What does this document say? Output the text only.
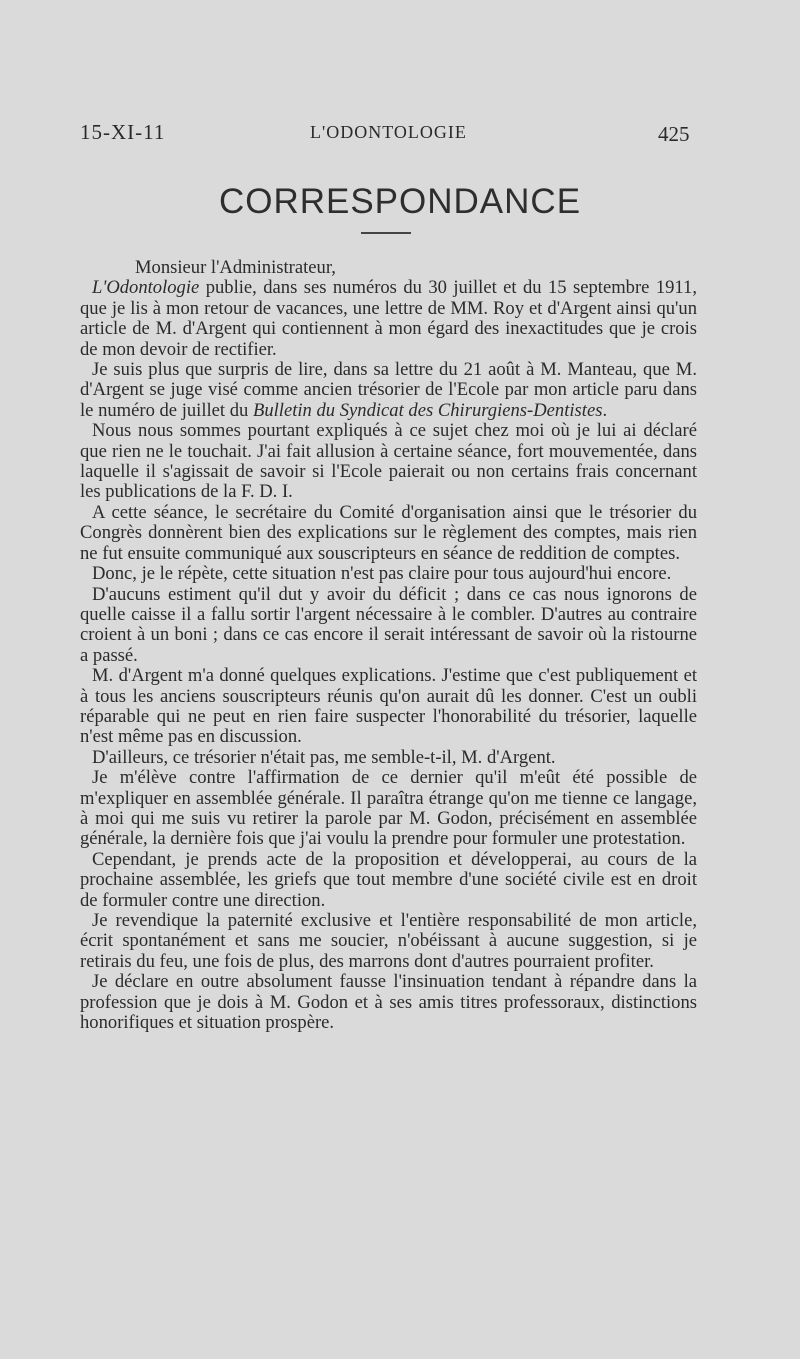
15-XI-11	L'ODONTOLOGIE	425
CORRESPONDANCE

Monsieur l'Administrateur,

L'Odontologie publie, dans ses numéros du 30 juillet et du 15 septembre 1911, que je lis à mon retour de vacances, une lettre de MM. Roy et d'Argent ainsi qu'un article de M. d'Argent qui contiennent à mon égard des inexactitudes que je crois de mon devoir de rectifier.

Je suis plus que surpris de lire, dans sa lettre du 21 août à M. Manteau, que M. d'Argent se juge visé comme ancien trésorier de l'Ecole par mon article paru dans le numéro de juillet du Bulletin du Syndicat des Chirurgiens-Dentistes.

Nous nous sommes pourtant expliqués à ce sujet chez moi où je lui ai déclaré que rien ne le touchait. J'ai fait allusion à certaine séance, fort mouvementée, dans laquelle il s'agissait de savoir si l'Ecole paierait ou non certains frais concernant les publications de la F. D. I.

A cette séance, le secrétaire du Comité d'organisation ainsi que le trésorier du Congrès donnèrent bien des explications sur le règlement des comptes, mais rien ne fut ensuite communiqué aux souscripteurs en séance de reddition de comptes.

Donc, je le répète, cette situation n'est pas claire pour tous aujourd'hui encore.

D'aucuns estiment qu'il dut y avoir du déficit ; dans ce cas nous ignorons de quelle caisse il a fallu sortir l'argent nécessaire à le combler. D'autres au contraire croient à un boni ; dans ce cas encore il serait intéressant de savoir où la ristourne a passé.

M. d'Argent m'a donné quelques explications. J'estime que c'est publiquement et à tous les anciens souscripteurs réunis qu'on aurait dû les donner. C'est un oubli réparable qui ne peut en rien faire suspecter l'honorabilité du trésorier, laquelle n'est même pas en discussion.

D'ailleurs, ce trésorier n'était pas, me semble-t-il, M. d'Argent.

Je m'élève contre l'affirmation de ce dernier qu'il m'eût été possible de m'expliquer en assemblée générale. Il paraîtra étrange qu'on me tienne ce langage, à moi qui me suis vu retirer la parole par M. Godon, précisément en assemblée générale, la dernière fois que j'ai voulu la prendre pour formuler une protestation.

Cependant, je prends acte de la proposition et développerai, au cours de la prochaine assemblée, les griefs que tout membre d'une société civile est en droit de formuler contre une direction.

Je revendique la paternité exclusive et l'entière responsabilité de mon article, écrit spontanément et sans me soucier, n'obéissant à aucune suggestion, si je retirais du feu, une fois de plus, des marrons dont d'autres pourraient profiter.

Je déclare en outre absolument fausse l'insinuation tendant à répandre dans la profession que je dois à M. Godon et à ses amis titres professoraux, distinctions honorifiques et situation prospère.
